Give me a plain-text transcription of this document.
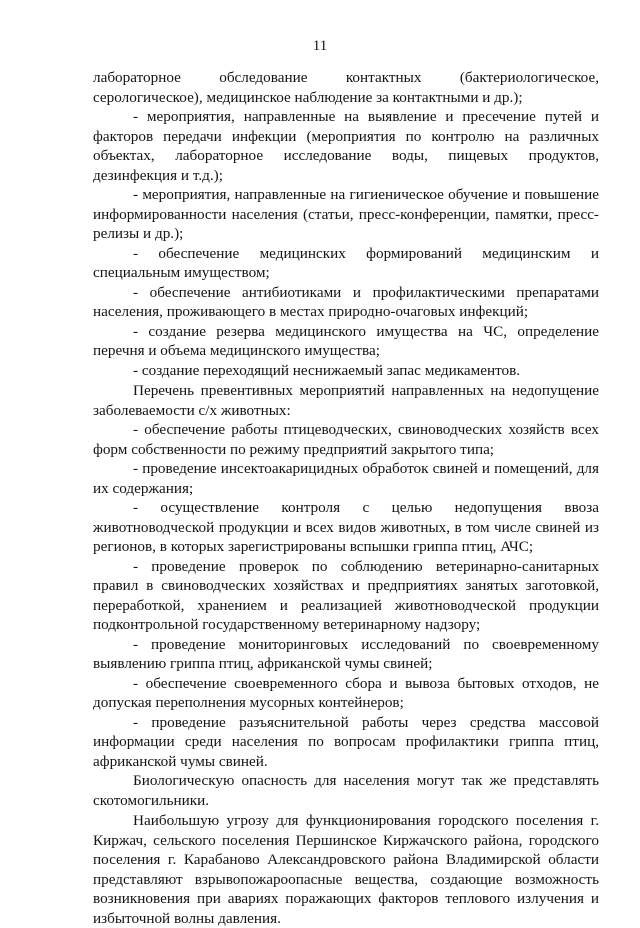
11

лабораторное обследование контактных (бактериологическое, серологическое), медицинское наблюдение за контактными и др.);

- мероприятия, направленные на выявление и пресечение путей и факторов передачи инфекции (мероприятия по контролю на различных объектах, лабораторное исследование воды, пищевых продуктов, дезинфекция и т.д.);

- мероприятия, направленные на гигиеническое обучение и повышение информированности населения (статьи, пресс-конференции, памятки, пресс-релизы и др.);

- обеспечение медицинских формирований медицинским и специальным имуществом;

- обеспечение антибиотиками и профилактическими препаратами населения, проживающего в местах природно-очаговых инфекций;

- создание резерва медицинского имущества на ЧС, определение перечня и объема медицинского имущества;

- создание переходящий неснижаемый запас медикаментов.

Перечень превентивных мероприятий направленных на недопущение заболеваемости с/х животных:

- обеспечение работы птицеводческих, свиноводческих хозяйств всех форм собственности по режиму предприятий закрытого типа;

- проведение инсектоакарицидных обработок свиней и помещений, для их содержания;

- осуществление контроля с целью недопущения ввоза животноводческой продукции и всех видов животных, в том числе свиней из регионов, в которых зарегистрированы вспышки гриппа птиц, АЧС;

- проведение проверок по соблюдению ветеринарно-санитарных правил в свиноводческих хозяйствах и предприятиях занятых заготовкой, переработкой, хранением и реализацией животноводческой продукции подконтрольной государственному ветеринарному надзору;

- проведение мониторинговых исследований по своевременному выявлению гриппа птиц, африканской чумы свиней;

- обеспечение своевременного сбора и вывоза бытовых отходов, не допуская переполнения мусорных контейнеров;

- проведение разъяснительной работы через средства массовой информации среди населения по вопросам профилактики гриппа птиц, африканской чумы свиней.

Биологическую опасность для населения могут так же представлять скотомогильники.

Наибольшую угрозу для функционирования городского поселения г. Киржач, сельского поселения Першинское Киржачского района, городского поселения г. Карабаново Александровского района Владимирской области представляют взрывопожароопасные вещества, создающие возможность возникновения при авариях поражающих факторов теплового излучения и избыточной волны давления.
